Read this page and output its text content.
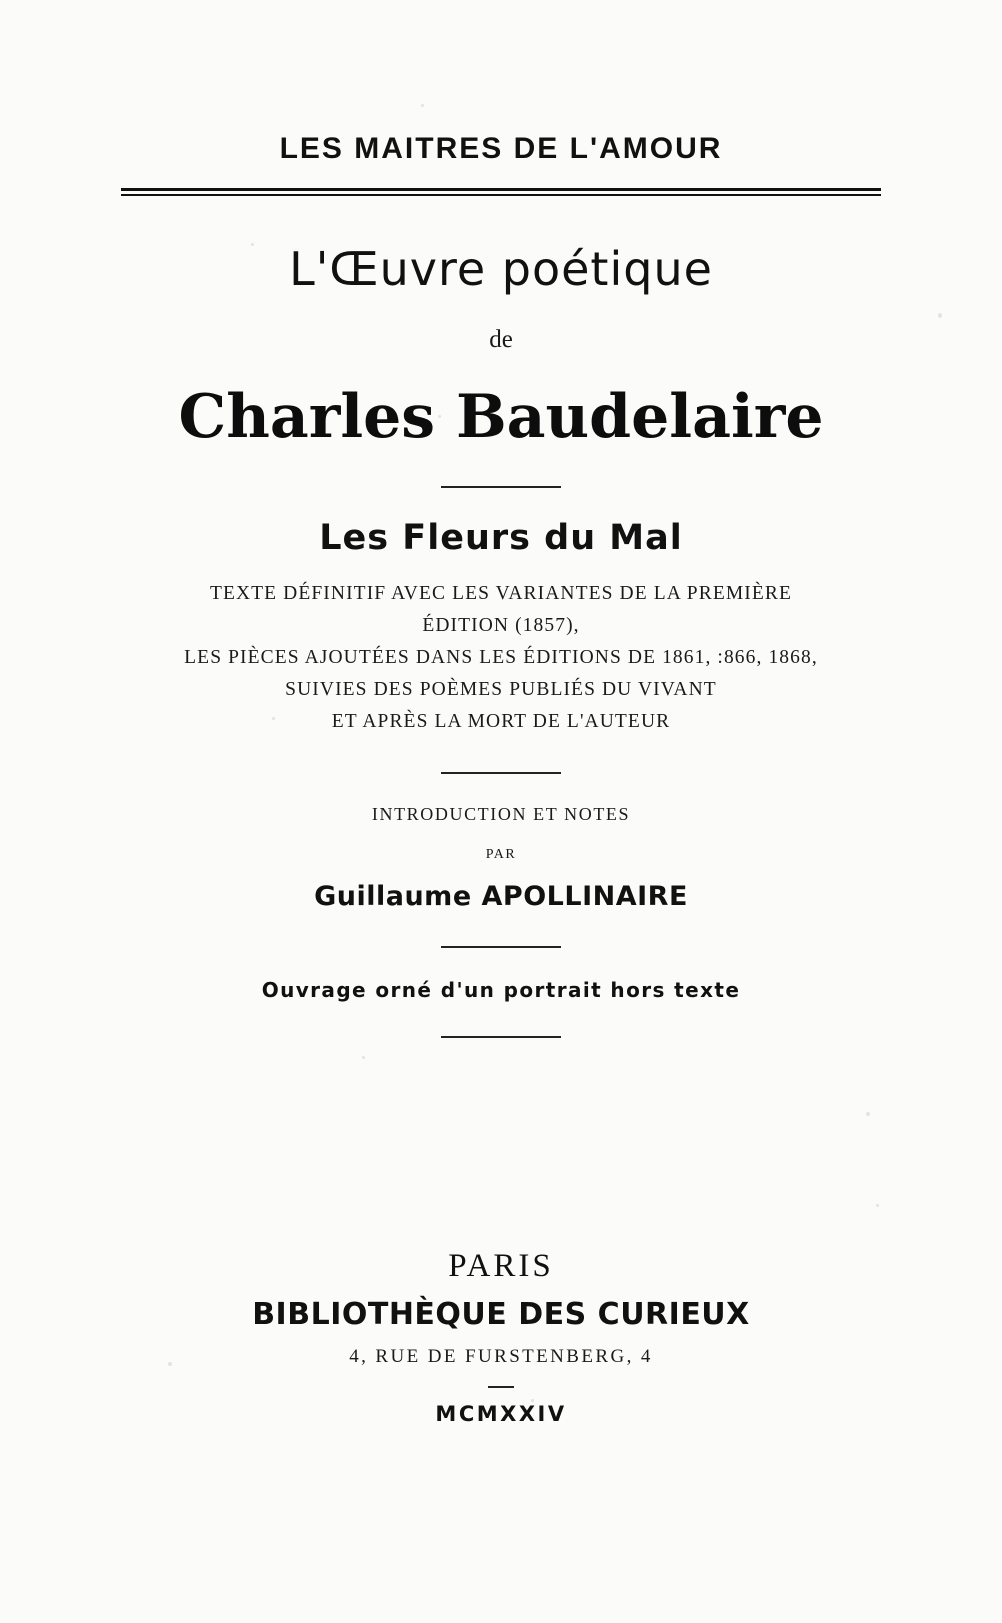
LES MAITRES DE L'AMOUR
L'Œuvre poétique
de
Charles Baudelaire
Les Fleurs du Mal
TEXTE DÉFINITIF AVEC LES VARIANTES DE LA PREMIÈRE
ÉDITION (1857),
LES PIÈCES AJOUTÉES DANS LES ÉDITIONS DE 1861, :866, 1868,
SUIVIES DES POÈMES PUBLIÉS DU VIVANT
ET APRÈS LA MORT DE L'AUTEUR
INTRODUCTION ET NOTES
PAR
Guillaume APOLLINAIRE
Ouvrage orné d'un portrait hors texte
PARIS
BIBLIOTHÈQUE DES CURIEUX
4, RUE DE FURSTENBERG, 4
MCMXXIV
